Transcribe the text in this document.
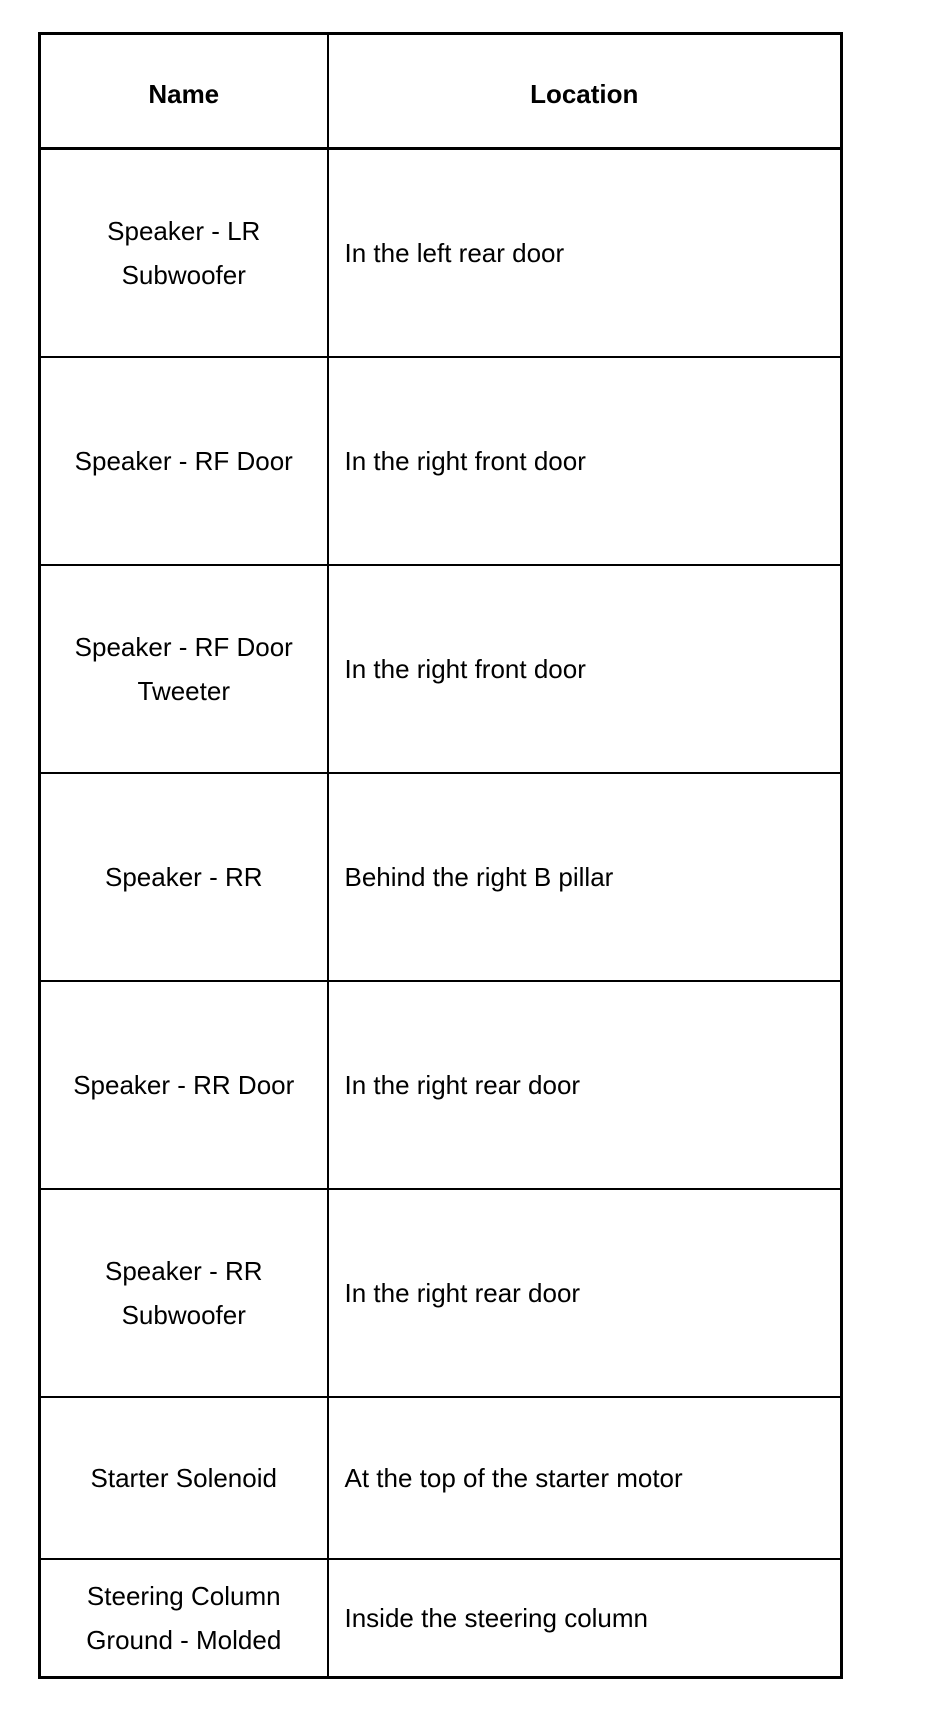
Name	Location
Speaker - LR Subwoofer	In the left rear door
Speaker - RF Door	In the right front door
Speaker - RF Door Tweeter	In the right front door
Speaker - RR	Behind the right B pillar
Speaker - RR Door	In the right rear door
Speaker - RR Subwoofer	In the right rear door
Starter Solenoid	At the top of the starter motor
Steering Column Ground - Molded	Inside the steering column
